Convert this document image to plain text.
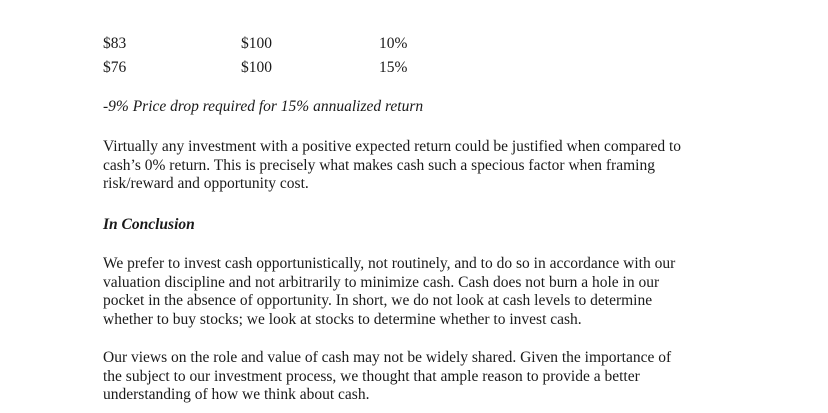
$83	$100	10%
$76	$100	15%
-9% Price drop required for 15% annualized return

Virtually any investment with a positive expected return could be justified when compared to
cash’s 0% return. This is precisely what makes cash such a specious factor when framing
risk/reward and opportunity cost.

In Conclusion

We prefer to invest cash opportunistically, not routinely, and to do so in accordance with our
valuation discipline and not arbitrarily to minimize cash. Cash does not burn a hole in our
pocket in the absence of opportunity. In short, we do not look at cash levels to determine
whether to buy stocks; we look at stocks to determine whether to invest cash.

Our views on the role and value of cash may not be widely shared. Given the importance of
the subject to our investment process, we thought that ample reason to provide a better
understanding of how we think about cash.
